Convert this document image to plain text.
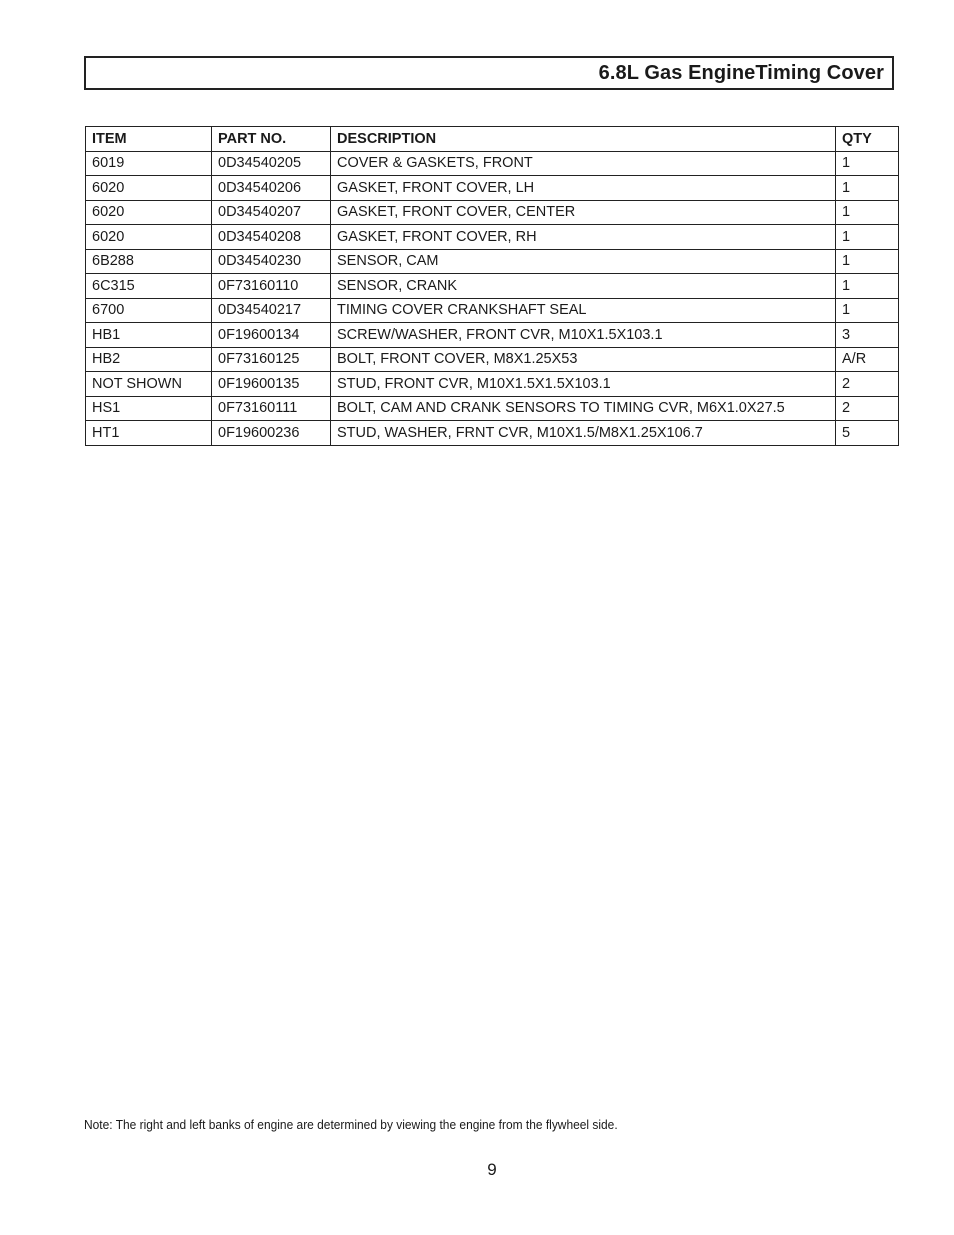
6.8L Gas EngineTiming Cover
ITEM	PART NO.	DESCRIPTION	QTY
6019	0D34540205	COVER & GASKETS, FRONT	1
6020	0D34540206	GASKET, FRONT COVER, LH	1
6020	0D34540207	GASKET, FRONT COVER, CENTER	1
6020	0D34540208	GASKET, FRONT COVER, RH	1
6B288	0D34540230	SENSOR, CAM	1
6C315	0F73160110	SENSOR, CRANK	1
6700	0D34540217	TIMING COVER CRANKSHAFT SEAL	1
HB1	0F19600134	SCREW/WASHER, FRONT CVR, M10X1.5X103.1	3
HB2	0F73160125	BOLT, FRONT COVER, M8X1.25X53	A/R
NOT SHOWN	0F19600135	STUD, FRONT CVR, M10X1.5X1.5X103.1	2
HS1	0F73160111	BOLT, CAM AND CRANK SENSORS TO TIMING CVR, M6X1.0X27.5	2
HT1	0F19600236	STUD, WASHER, FRNT CVR, M10X1.5/M8X1.25X106.7	5
Note: The right and left banks of engine are determined by viewing the engine from the flywheel side.
9
